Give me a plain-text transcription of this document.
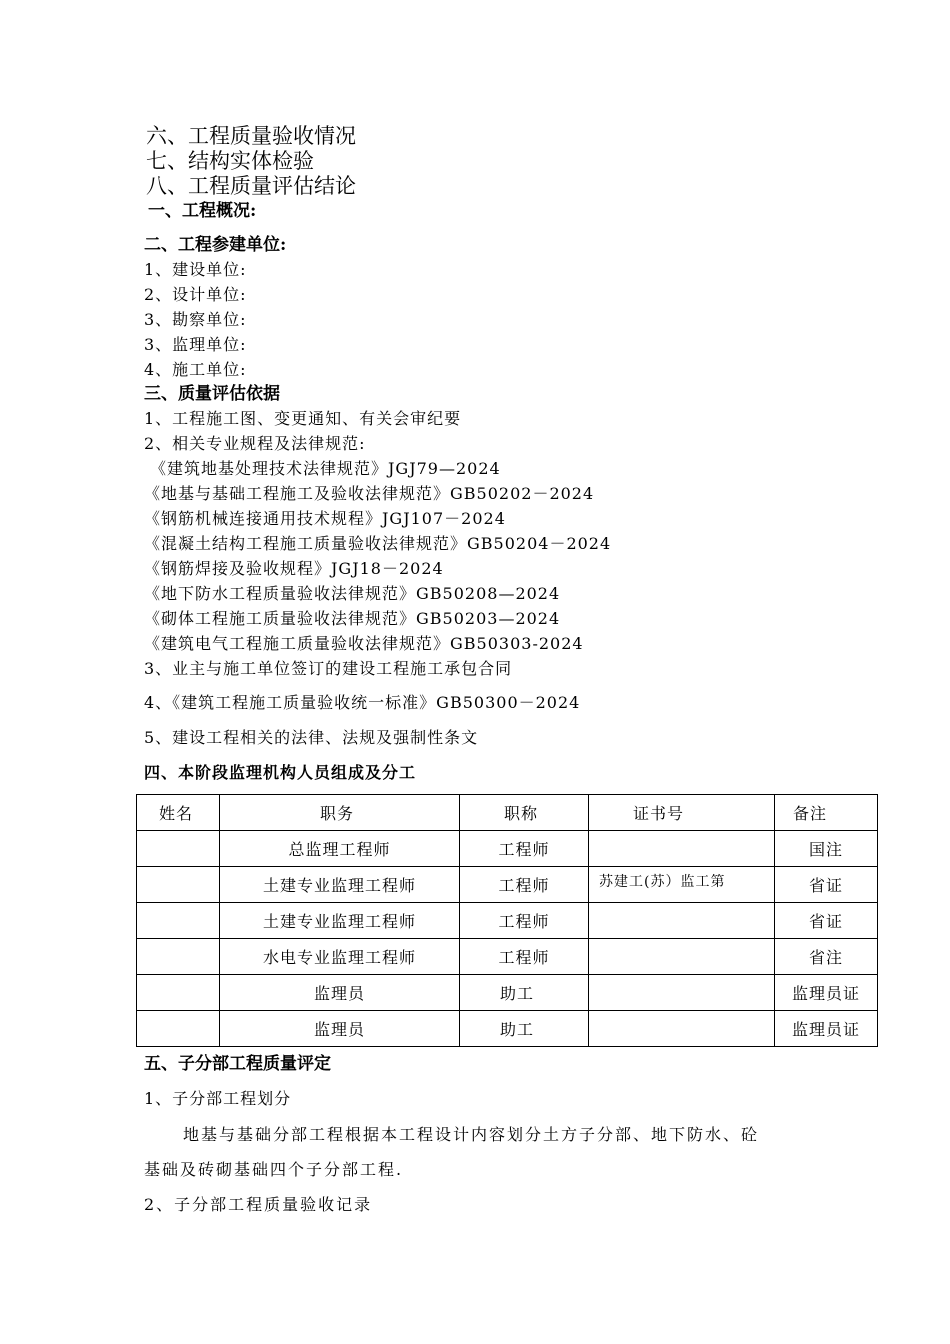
六、工程质量验收情况
七、结构实体检验
八、工程质量评估结论
一、工程概况:
二、工程参建单位:
1、建设单位:
2、设计单位:
3、勘察单位:
3、监理单位:
4、施工单位:
三、质量评估依据
1、工程施工图、变更通知、有关会审纪要
2、相关专业规程及法律规范:
《建筑地基处理技术法律规范》JGJ79—2024
《地基与基础工程施工及验收法律规范》GB50202－2024
《钢筋机械连接通用技术规程》JGJ107－2024
《混凝土结构工程施工质量验收法律规范》GB50204－2024
《钢筋焊接及验收规程》JGJ18－2024
《地下防水工程质量验收法律规范》GB50208—2024
《砌体工程施工质量验收法律规范》GB50203—2024
《建筑电气工程施工质量验收法律规范》GB50303-2024
3、业主与施工单位签订的建设工程施工承包合同
4、《建筑工程施工质量验收统一标准》GB50300－2024
5、建设工程相关的法律、法规及强制性条文
四、本阶段监理机构人员组成及分工
姓名	职务	职称	证书号	备注
	总监理工程师	工程师		国注
	土建专业监理工程师	工程师	苏建工(苏）监工第	省证
	土建专业监理工程师	工程师		省证
	水电专业监理工程师	工程师		省注
	监理员	助工		监理员证
	监理员	助工		监理员证
五、子分部工程质量评定
1、子分部工程划分
地基与基础分部工程根据本工程设计内容划分土方子分部、地下防水、砼
基础及砖砌基础四个子分部工程.
2、子分部工程质量验收记录
